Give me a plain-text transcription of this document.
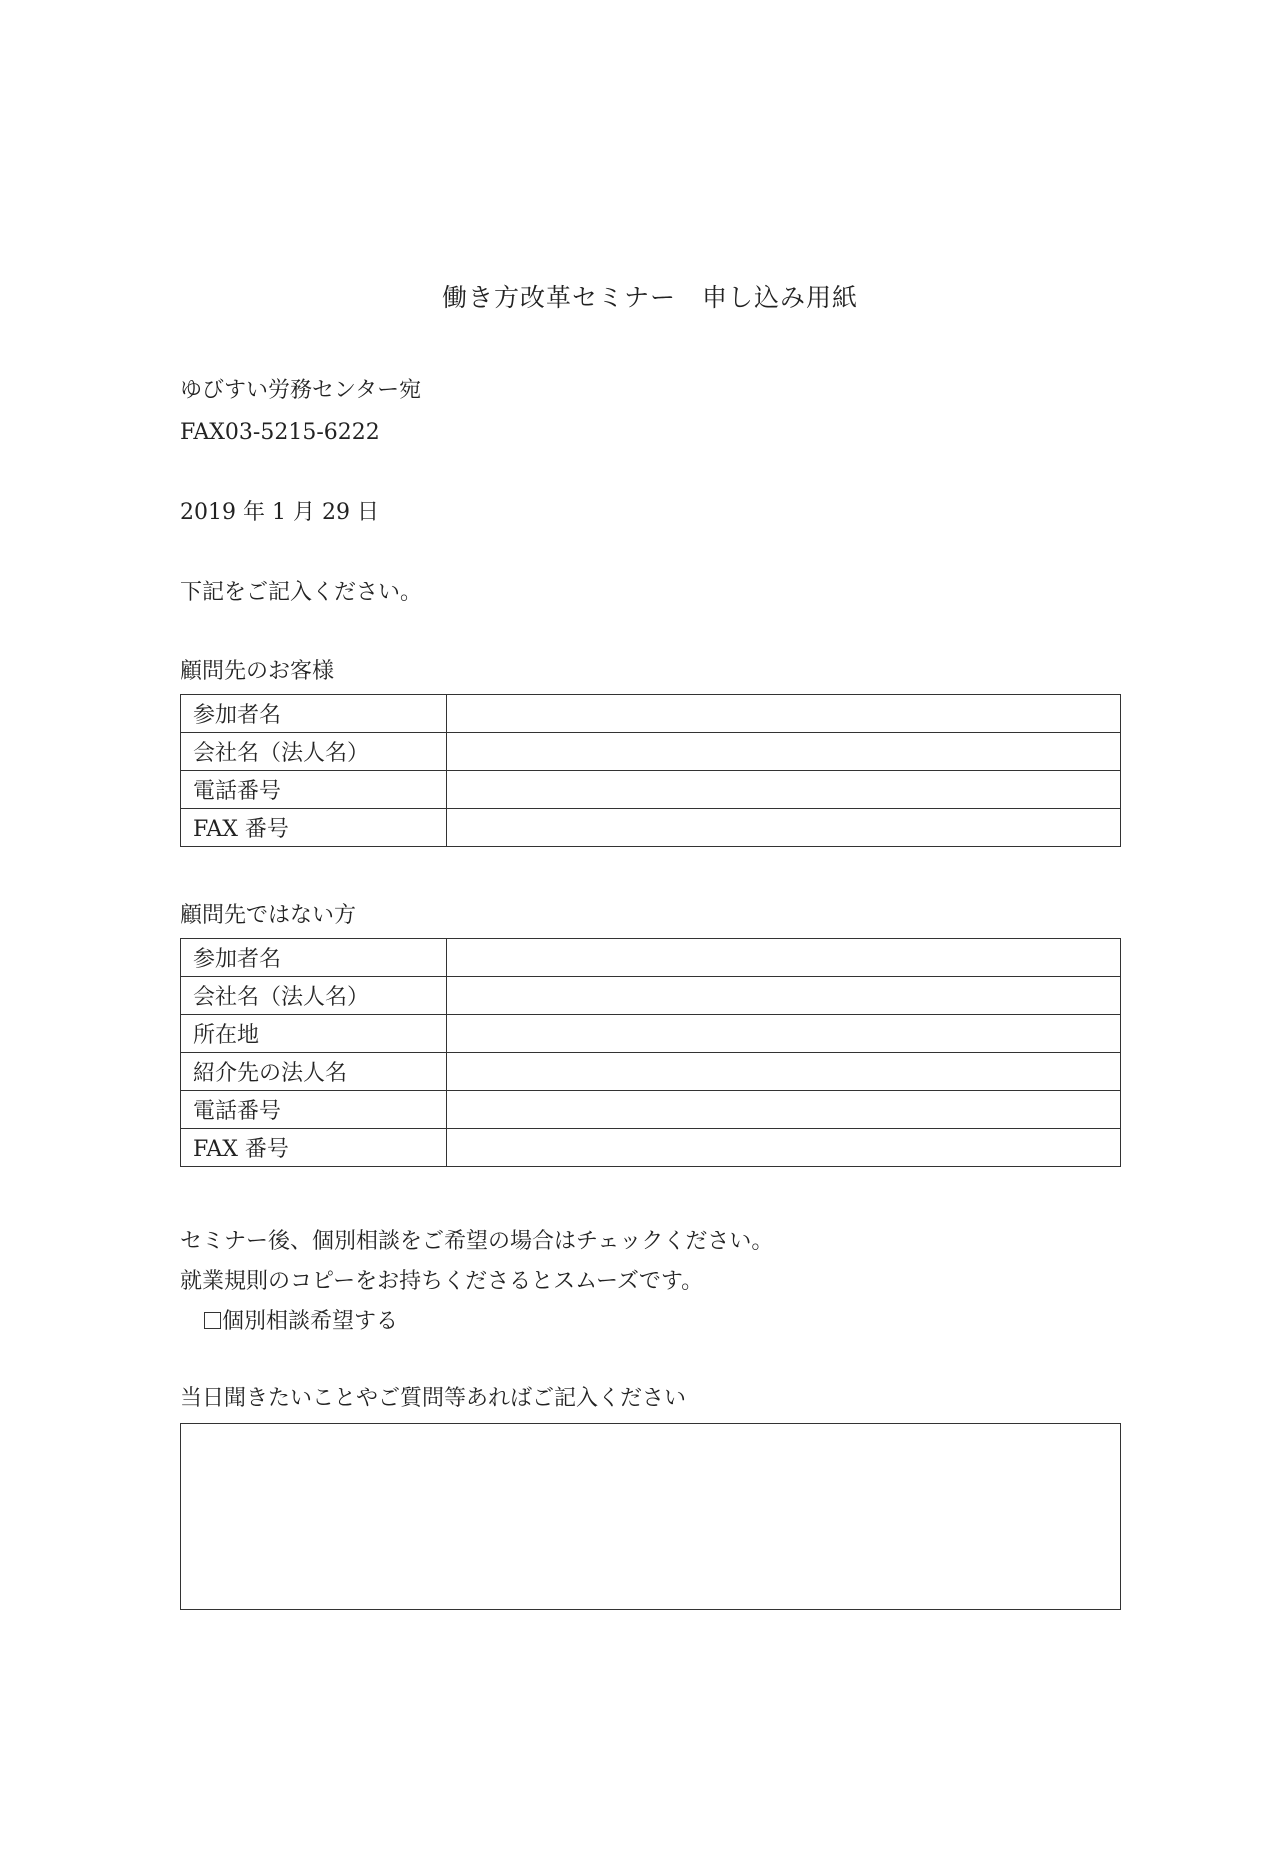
働き方改革セミナー　申し込み用紙
ゆびすい労務センター宛
FAX03-5215-6222
2019 年 1 月 29 日
下記をご記入ください。
顧問先のお客様
参加者名	
会社名（法人名）	
電話番号	
FAX 番号	
顧問先ではない方
参加者名	
会社名（法人名）	
所在地	
紹介先の法人名	
電話番号	
FAX 番号	
セミナー後、個別相談をご希望の場合はチェックください。
就業規則のコピーをお持ちくださるとスムーズです。
個別相談希望する
当日聞きたいことやご質問等あればご記入ください
